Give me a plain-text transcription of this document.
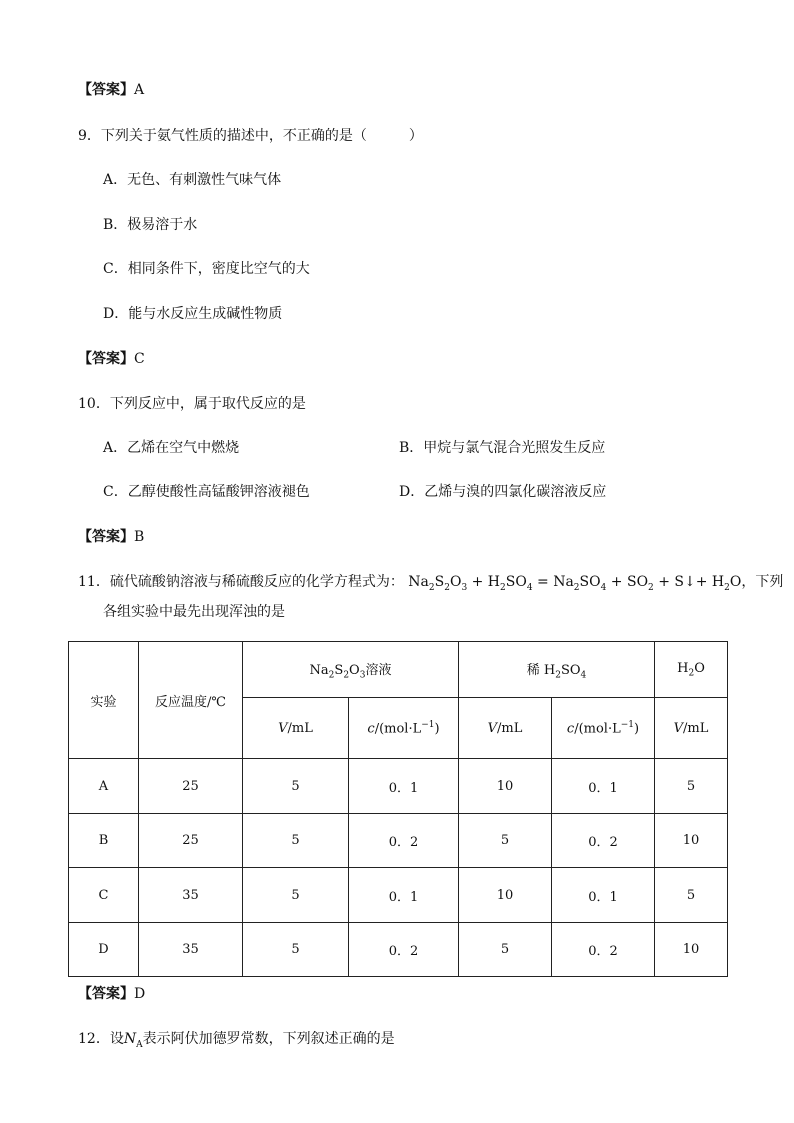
【答案】A
9．下列关于氨气性质的描述中，不正确的是（　　　）
A．无色、有刺激性气味气体
B．极易溶于水
C．相同条件下，密度比空气的大
D．能与水反应生成碱性物质
【答案】C
10．下列反应中，属于取代反应的是
A．乙烯在空气中燃烧	B．甲烷与氯气混合光照发生反应
C．乙醇使酸性高锰酸钾溶液褪色	D．乙烯与溴的四氯化碳溶液反应
【答案】B
11．硫代硫酸钠溶液与稀硫酸反应的化学方程式为： $Na_2S_2O_3 + H_2SO_4 = Na_2SO_4 + SO_2$ + S↓+ $H_2O$，下列
各组实验中最先出现浑浊的是
实验	反应温度/℃	$Na_2S_2O_3$溶液		稀 $H_2SO_4$		$H_2O$
		V/mL	$c/(mol\cdot L^{-1})$	V/mL	$c/(mol\cdot L^{-1})$	V/mL
A	25	5	0．1	10	0．1	5
B	25	5	0．2	5	0．2	10
C	35	5	0．1	10	0．1	5
D	35	5	0．2	5	0．2	10
【答案】D
12．设$N_A$表示阿伏加德罗常数，下列叙述正确的是
